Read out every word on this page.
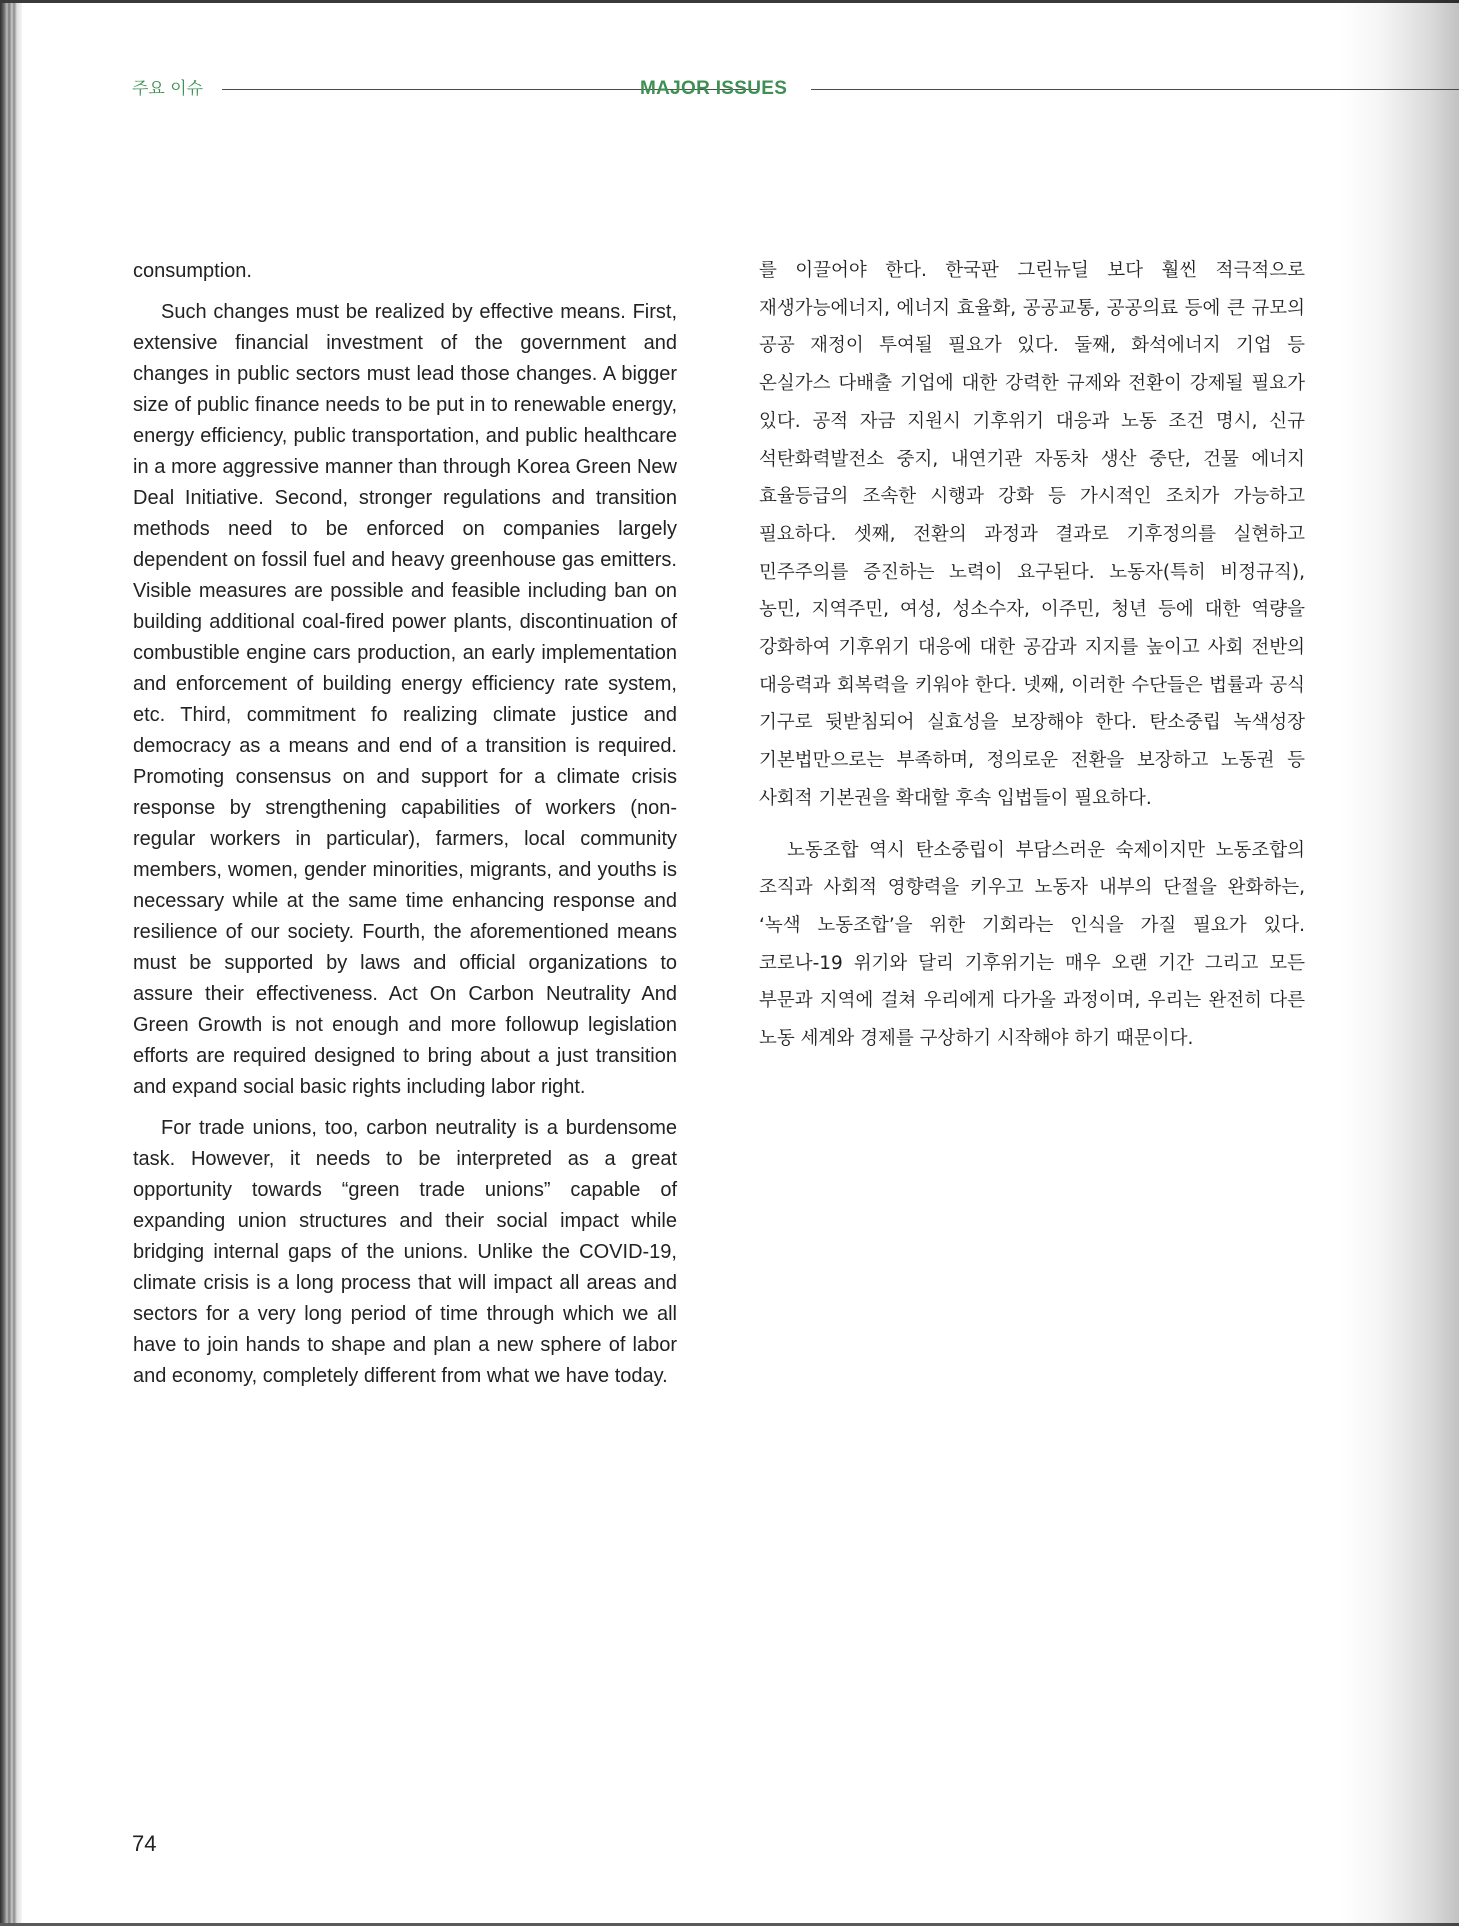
주요 이슈	MAJOR ISSUES

consumption.

Such changes must be realized by effective means. First, extensive financial investment of the government and changes in public sectors must lead those changes. A bigger size of public finance needs to be put in to renewable energy, energy efficiency, public transportation, and public healthcare in a more aggressive manner than through Korea Green New Deal Initiative. Second, stronger regulations and transition methods need to be enforced on companies largely dependent on fossil fuel and heavy greenhouse gas emitters. Visible measures are possible and feasible including ban on building additional coal-fired power plants, discontinuation of combustible engine cars production, an early implementation and enforcement of building energy efficiency rate system, etc. Third, commitment fo realizing climate justice and democracy as a means and end of a transition is required. Promoting consensus on and support for a climate crisis response by strengthening capabilities of workers (non-regular workers in particular), farmers, local community members, women, gender minorities, migrants, and youths is necessary while at the same time enhancing response and resilience of our society. Fourth, the aforementioned means must be supported by laws and official organizations to assure their effectiveness. Act On Carbon Neutrality And Green Growth is not enough and more followup legislation efforts are required designed to bring about a just transition and expand social basic rights including labor right.

For trade unions, too, carbon neutrality is a burdensome task. However, it needs to be interpreted as a great opportunity towards “green trade unions” capable of expanding union structures and their social impact while bridging internal gaps of the unions. Unlike the COVID-19, climate crisis is a long process that will impact all areas and sectors for a very long period of time through which we all have to join hands to shape and plan a new sphere of labor and economy, completely different from what we have today.

를 이끌어야 한다. 한국판 그린뉴딜 보다 훨씬 적극적으로 재생가능에너지, 에너지 효율화, 공공교통, 공공의료 등에 큰 규모의 공공 재정이 투여될 필요가 있다. 둘째, 화석에너지 기업 등 온실가스 다배출 기업에 대한 강력한 규제와 전환이 강제될 필요가 있다. 공적 자금 지원시 기후위기 대응과 노동 조건 명시, 신규 석탄화력발전소 중지, 내연기관 자동차 생산 중단, 건물 에너지 효율등급의 조속한 시행과 강화 등 가시적인 조치가 가능하고 필요하다. 셋째, 전환의 과정과 결과로 기후정의를 실현하고 민주주의를 증진하는 노력이 요구된다. 노동자(특히 비정규직), 농민, 지역주민, 여성, 성소수자, 이주민, 청년 등에 대한 역량을 강화하여 기후위기 대응에 대한 공감과 지지를 높이고 사회 전반의 대응력과 회복력을 키워야 한다. 넷째, 이러한 수단들은 법률과 공식 기구로 뒷받침되어 실효성을 보장해야 한다. 탄소중립 녹색성장 기본법만으로는 부족하며, 정의로운 전환을 보장하고 노동권 등 사회적 기본권을 확대할 후속 입법들이 필요하다.

노동조합 역시 탄소중립이 부담스러운 숙제이지만 노동조합의 조직과 사회적 영향력을 키우고 노동자 내부의 단절을 완화하는, ‘녹색 노동조합’을 위한 기회라는 인식을 가질 필요가 있다. 코로나-19 위기와 달리 기후위기는 매우 오랜 기간 그리고 모든 부문과 지역에 걸쳐 우리에게 다가올 과정이며, 우리는 완전히 다른 노동 세계와 경제를 구상하기 시작해야 하기 때문이다.

74
